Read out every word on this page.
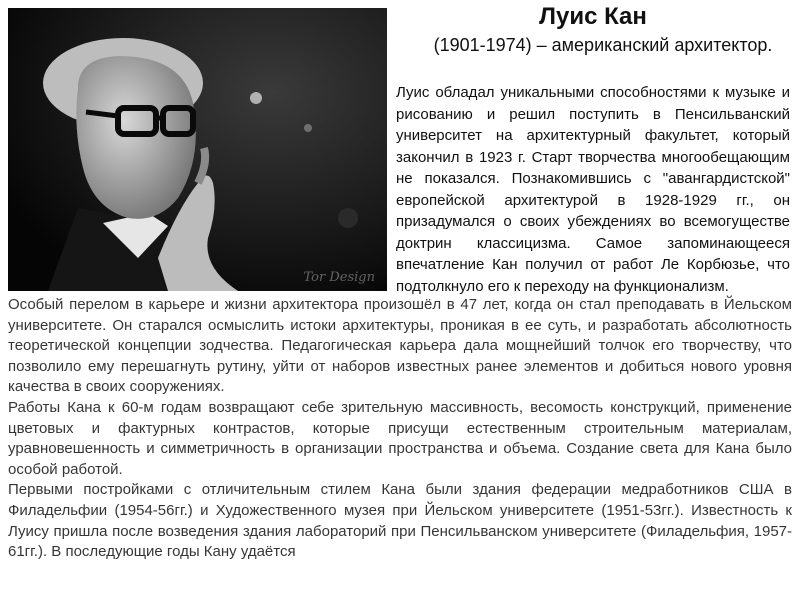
Tor Design
Луис Кан
(1901-1974) – американский архитектор.

Луис обладал уникальными способностями к музыке и рисованию и решил поступить в Пенсильванский университет на архитектурный факультет, который закончил в 1923 г. Старт творчества многообещающим не показался. Познакомившись с "авангардистской" европейской архитектурой в 1928-1929 гг., он призадумался о своих убеждениях во всемогуществе доктрин классицизма. Самое запоминающееся впечатление Кан получил от работ Ле Корбюзье, что подтолкнуло его к переходу на функционализм.

Особый перелом в карьере и жизни архитектора произошёл в 47 лет, когда он стал преподавать в Йельском университете. Он старался осмыслить истоки архитектуры, проникая в ее суть, и разработать абсолютность теоретической концепции зодчества. Педагогическая карьера дала мощнейший толчок его творчеству, что позволило ему перешагнуть рутину, уйти от наборов известных ранее элементов и добиться нового уровня качества в своих сооружениях.

Работы Кана к 60-м годам возвращают себе зрительную массивность, весомость конструкций, применение цветовых и фактурных контрастов, которые присущи естественным строительным материалам, уравновешенность и симметричность в организации пространства и объема. Создание света для Кана было особой работой.

Первыми постройками с отличительным стилем Кана были здания федерации медработников США в Филадельфии (1954-56гг.) и Художественного музея при Йельском университете (1951-53гг.). Известность к Луису пришла после возведения здания лабораторий при Пенсильванском университете (Филадельфия, 1957-61гг.). В последующие годы Кану удаётся
